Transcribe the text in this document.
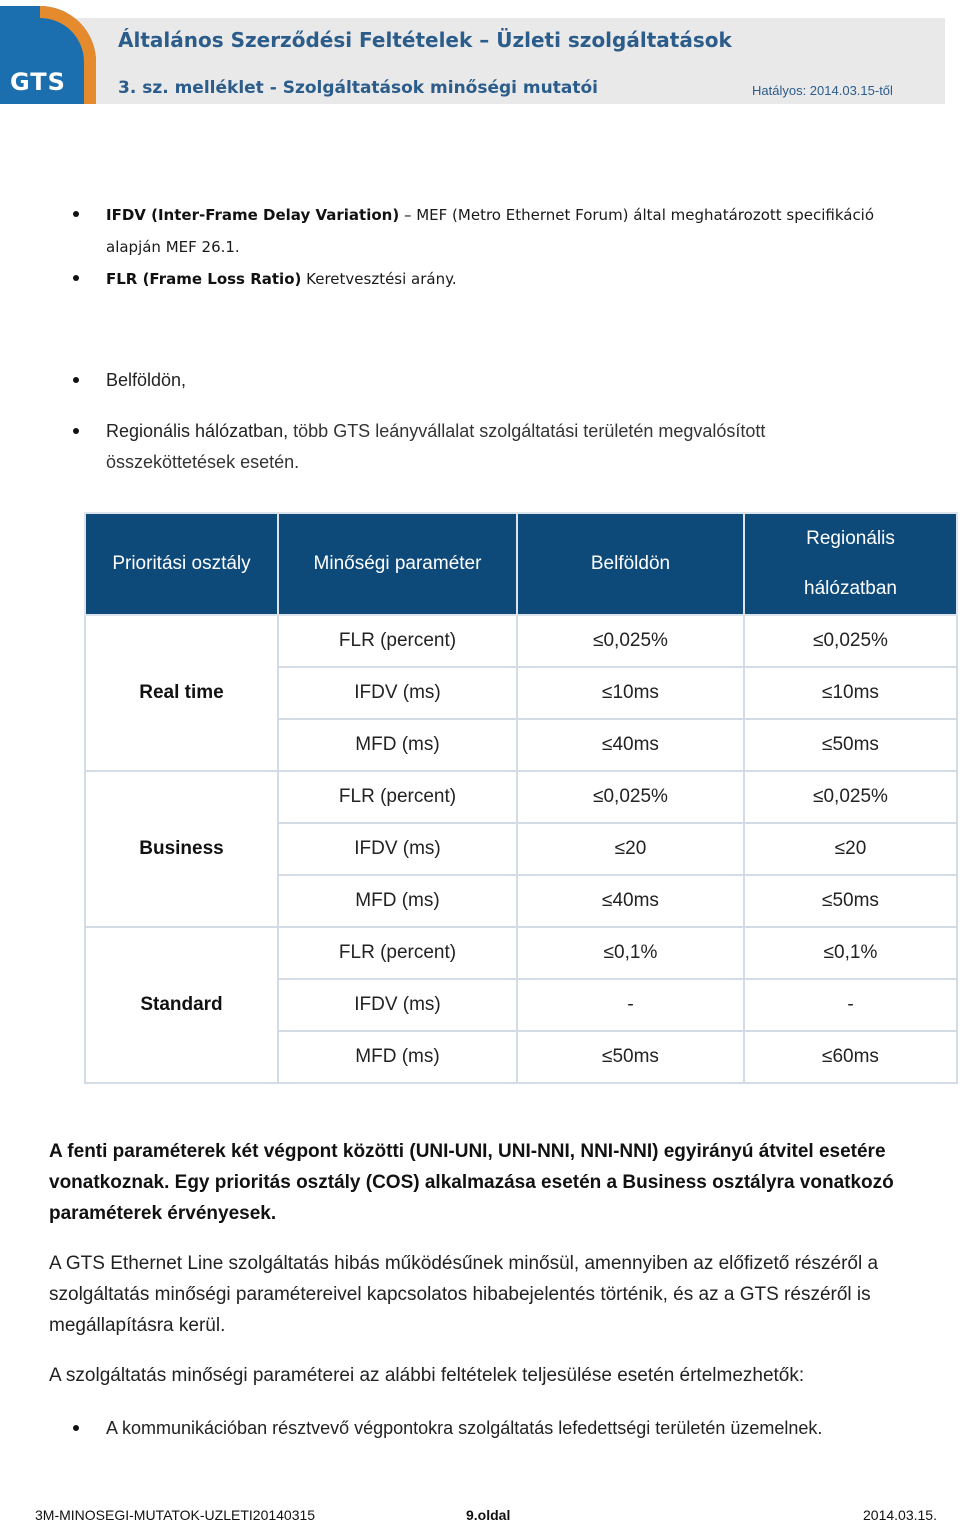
GTS
Általános Szerződési Feltételek – Üzleti szolgáltatások
3. sz. melléklet - Szolgáltatások minőségi mutatói	Hatályos: 2014.03.15-től
IFDV (Inter-Frame Delay Variation) – MEF (Metro Ethernet Forum) által meghatározott specifikáció
alapján MEF 26.1.
FLR (Frame Loss Ratio) Keretvesztési arány.
Belföldön,
Regionális hálózatban, több GTS leányvállalat szolgáltatási területén megvalósított
összeköttetések esetén.
Prioritási osztály	Minőségi paraméter	Belföldön	Regionális
hálózatban

Real time	FLR (percent)	≤0,025%	≤0,025%
	IFDV (ms)	≤10ms	≤10ms
	MFD (ms)	≤40ms	≤50ms
Business	FLR (percent)	≤0,025%	≤0,025%
	IFDV (ms)	≤20	≤20
	MFD (ms)	≤40ms	≤50ms
Standard	FLR (percent)	≤0,1%	≤0,1%
	IFDV (ms)	-	-
	MFD (ms)	≤50ms	≤60ms
A fenti paraméterek két végpont közötti (UNI-UNI, UNI-NNI, NNI-NNI) egyirányú átvitel esetére
vonatkoznak. Egy prioritás osztály (COS) alkalmazása esetén a Business osztályra vonatkozó
paraméterek érvényesek.
A GTS Ethernet Line szolgáltatás hibás működésűnek minősül, amennyiben az előfizető részéről a
szolgáltatás minőségi paramétereivel kapcsolatos hibabejelentés történik, és az a GTS részéről is
megállapításra kerül.
A szolgáltatás minőségi paraméterei az alábbi feltételek teljesülése esetén értelmezhetők:
A kommunikációban résztvevő végpontokra szolgáltatás lefedettségi területén üzemelnek.
3M-MINOSEGI-MUTATOK-UZLETI20140315	9.oldal	2014.03.15.
